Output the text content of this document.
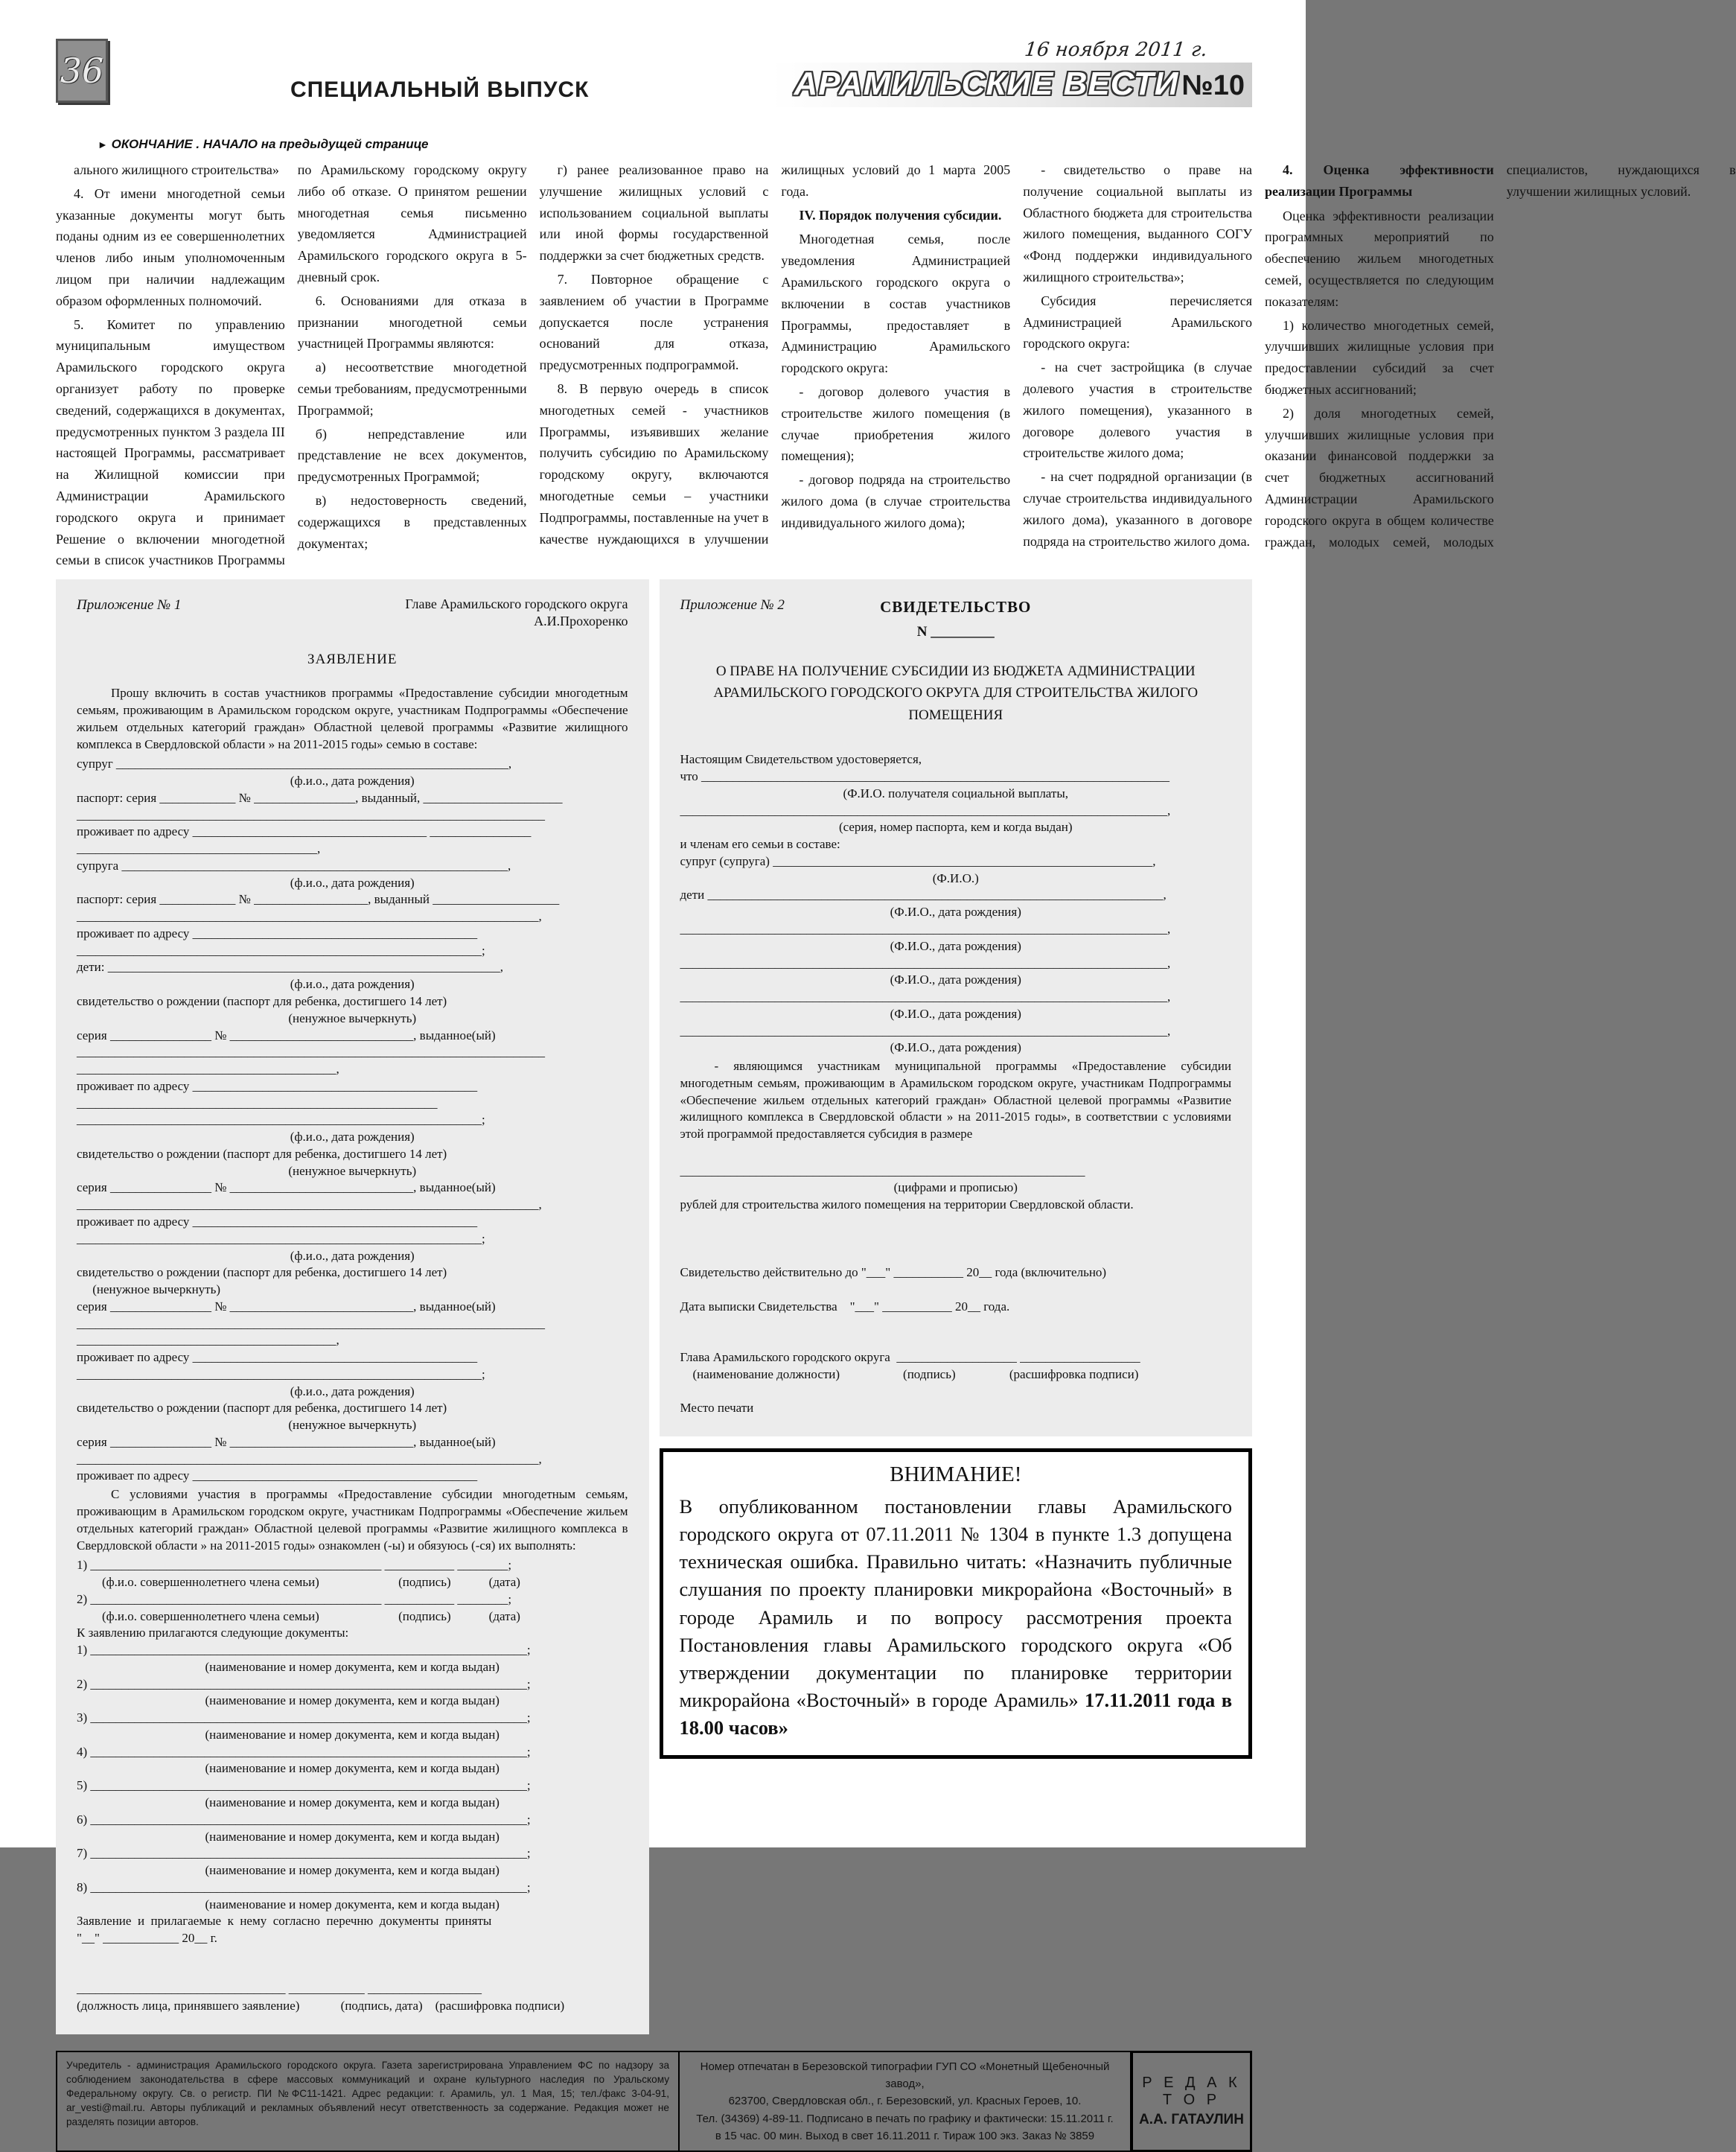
36	СПЕЦИАЛЬНЫЙ ВЫПУСК
16 ноября 2011 г.
АРАМИЛЬСКИЕ ВЕСТИ №10
► ОКОНЧАНИЕ . НАЧАЛО на предыдущей странице
ального жилищного строительства»
4. От имени многодетной семьи указанные документы могут быть поданы одним из ее совершеннолетних членов либо иным уполномоченным лицом при наличии надлежащим образом оформленных полномочий.
5. Комитет по управлению муниципальным имуществом Арамильского городского округа организует работу по проверке сведений, содержащихся в документах, предусмотренных пунктом 3 раздела III настоящей Программы, рассматривает на Жилищной комиссии при Администрации Арамильского городского округа и принимает Решение о включении многодетной семьи в список участников Программы по Арамильскому городскому округу либо об отказе. О принятом решении многодетная семья письменно уведомляется Администрацией Арамильского городского округа в 5-дневный срок.
6. Основаниями для отказа в признании многодетной семьи участницей Программы являются:
а) несоответствие многодетной семьи требованиям, предусмотренными Программой;
б) непредставление или представление не всех документов, предусмотренных Программой;
в) недостоверность сведений, содержащихся в представленных документах;
г) ранее реализованное право на улучшение жилищных условий с использованием социальной выплаты или иной формы государственной поддержки за счет бюджетных средств.
7. Повторное обращение с заявлением об участии в Программе допускается после устранения оснований для отказа, предусмотренных подпрограммой.
8. В первую очередь в список многодетных семей - участников Программы, изъявивших желание получить субсидию по Арамильскому городскому округу, включаются многодетные семьи – участники Подпрограммы, поставленные на учет в качестве нуждающихся в улучшении жилищных условий до 1 марта 2005 года.
IV. Порядок получения субсидии.
Многодетная семья, после уведомления Администрацией Арамильского городского округа о включении в состав участников Программы, предоставляет в Администрацию Арамильского городского округа:
- договор долевого участия в строительстве жилого помещения (в случае приобретения жилого помещения);
- договор подряда на строительство жилого дома (в случае строительства индивидуального жилого дома);
- свидетельство о праве на получение социальной выплаты из Областного бюджета для строительства жилого помещения, выданного СОГУ «Фонд поддержки индивидуального жилищного строительства»;
Субсидия перечисляется Администрацией Арамильского городского округа:
- на счет застройщика (в случае долевого участия в строительстве жилого помещения), указанного в договоре долевого участия в строительстве жилого дома;
- на счет подрядной организации (в случае строительства индивидуального жилого дома), указанного в договоре подряда на строительство жилого дома.
4. Оценка эффективности реализации Программы
Оценка эффективности реализации программных мероприятий по обеспечению жильем многодетных семей, осуществляется по следующим показателям:
1) количество многодетных семей, улучшивших жилищные условия при предоставлении субсидий за счет бюджетных ассигнований;
2) доля многодетных семей, улучшивших жилищные условия при оказании финансовой поддержки за счет бюджетных ассигнований Администрации Арамильского городского округа в общем количестве граждан, молодых семей, молодых специалистов, нуждающихся в улучшении жилищных условий.
Приложение № 1	Главе Арамильского городского округа
А.И.Прохоренко
ЗАЯВЛЕНИЕ
Прошу включить в состав участников программы «Предоставление субсидии многодетным семьям, проживающим в Арамильском городском округе, участникам Подпрограммы «Обеспечение жильем отдельных категорий граждан» Областной целевой программы «Развитие жилищного комплекса в Свердловской области » на 2011-2015 годы» семью в составе:
супруг ______________________________________________________________,
(ф.и.о., дата рождения)
паспорт: серия ____________ № ________________, выданный, ______________________
__________________________________________________________________________
проживает по адресу _____________________________________ ________________
______________________________________,
супруга _____________________________________________________________,
(ф.и.о., дата рождения)
паспорт: серия ____________ № __________________, выданный ____________________
_________________________________________________________________________,
проживает по адресу _____________________________________________
________________________________________________________________;
дети: ______________________________________________________________,
(ф.и.о., дата рождения)
свидетельство о рождении (паспорт для ребенка, достигшего 14 лет)
(ненужное вычеркнуть)
серия ________________ № _____________________________, выданное(ый)
__________________________________________________________________________
_________________________________________,
проживает по адресу _____________________________________________
_________________________________________________________
________________________________________________________________;
(ф.и.о., дата рождения)
свидетельство о рождении (паспорт для ребенка, достигшего 14 лет)
(ненужное вычеркнуть)
серия ________________ № _____________________________, выданное(ый)
_________________________________________________________________________,
проживает по адресу _____________________________________________
________________________________________________________________;
(ф.и.о., дата рождения)
свидетельство о рождении (паспорт для ребенка, достигшего 14 лет)
(ненужное вычеркнуть)
серия ________________ № _____________________________, выданное(ый)
__________________________________________________________________________
_________________________________________,
проживает по адресу _____________________________________________
________________________________________________________________;
(ф.и.о., дата рождения)
свидетельство о рождении (паспорт для ребенка, достигшего 14 лет)
(ненужное вычеркнуть)
серия ________________ № _____________________________, выданное(ый)
_________________________________________________________________________,
проживает по адресу _____________________________________________
С условиями участия в программы «Предоставление субсидии многодетным семьям, проживающим в Арамильском городском округе, участникам Подпрограммы «Обеспечение жильем отдельных категорий граждан» Областной целевой программы «Развитие жилищного комплекса в Свердловской области » на 2011-2015 годы» ознакомлен (-ы) и обязуюсь (-ся) их выполнять:
1) ______________________________________________ ___________ ________;
(ф.и.о. совершеннолетнего члена семьи)                         (подпись)            (дата)
2) ______________________________________________ ___________ ________;
(ф.и.о. совершеннолетнего члена семьи)                         (подпись)            (дата)
К заявлению прилагаются следующие документы:
1) _____________________________________________________________________;
(наименование и номер документа, кем и когда выдан)
2) _____________________________________________________________________;
(наименование и номер документа, кем и когда выдан)
3) _____________________________________________________________________;
(наименование и номер документа, кем и когда выдан)
4) _____________________________________________________________________;
(наименование и номер документа, кем и когда выдан)
5) _____________________________________________________________________;
(наименование и номер документа, кем и когда выдан)
6) _____________________________________________________________________;
(наименование и номер документа, кем и когда выдан)
7) _____________________________________________________________________;
(наименование и номер документа, кем и когда выдан)
8) _____________________________________________________________________;
(наименование и номер документа, кем и когда выдан)
Заявление  и  прилагаемые  к  нему  согласно  перечню  документы  приняты
"__" ____________ 20__ г.
_________________________________ ____________ __________________
(должность лица, принявшего заявление)             (подпись, дата)    (расшифровка подписи)
Приложение № 2	СВИДЕТЕЛЬСТВО
N _________
О ПРАВЕ НА ПОЛУЧЕНИЕ СУБСИДИИ ИЗ БЮДЖЕТА АДМИНИСТРАЦИИ АРАМИЛЬСКОГО ГОРОДСКОГО ОКРУГА ДЛЯ СТРОИТЕЛЬСТВА ЖИЛОГО ПОМЕЩЕНИЯ
Настоящим Свидетельством удостоверяется,
что __________________________________________________________________________
(Ф.И.О. получателя социальной выплаты,
_____________________________________________________________________________,
(серия, номер паспорта, кем и когда выдан)
и членам его семьи в составе:
супруг (супруга) ____________________________________________________________,
(Ф.И.О.)
дети ________________________________________________________________________,
(Ф.И.О., дата рождения)
_____________________________________________________________________________,
(Ф.И.О., дата рождения)
_____________________________________________________________________________,
(Ф.И.О., дата рождения)
_____________________________________________________________________________,
(Ф.И.О., дата рождения)
_____________________________________________________________________________,
(Ф.И.О., дата рождения)
- являющимся участникам муниципальной программы «Предоставление субсидии многодетным семьям, проживающим в Арамильском городском округе, участникам Подпрограммы «Обеспечение жильем отдельных категорий граждан» Областной целевой программы «Развитие жилищного комплекса в Свердловской области » на 2011-2015 годы», в соответствии с условиями этой программой предоставляется субсидия в размере
________________________________________________________________
(цифрами и прописью)
рублей для строительства жилого помещения на территории Свердловской области.
Свидетельство действительно до "___" ___________ 20__ года (включительно)
Дата выписки Свидетельства    "___" ___________ 20__ года.
Глава Арамильского городского округа  ___________________ ___________________
(наименование должности)                    (подпись)                 (расшифровка подписи)
Место печати
ВНИМАНИЕ!

В опубликованном постановлении главы Арамильского городского округа от 07.11.2011 № 1304 в пункте 1.3 допущена техническая ошибка. Правильно читать: «Назначить публичные слушания по проекту планировки микрорайона «Восточный» в городе Арамиль и по вопросу рассмотрения проекта Постановления главы Арамильского городского округа «Об утверждении документации по планировке территории микрорайона «Восточный» в городе Арамиль» 17.11.2011 года в 18.00 часов»

Учредитель - администрация Арамильского городского округа. Газета зарегистрирована Управлением ФС по надзору за соблюдением законодательства в сфере массовых коммуникаций и охране культурного наследия по Уральскому Федеральному округу. Св. о регистр. ПИ №ФС11-1421. Адрес редакции: г. Арамиль, ул. 1 Мая, 15; тел./факс 3-04-91, ar_vesti@mail.ru. Авторы публикаций и рекламных объявлений несут ответственность за содержание. Редакция может не разделять позиции авторов.
Номер отпечатан в Березовской типографии ГУП СО «Монетный Щебеночный завод»,
623700, Свердловская обл., г. Березовский, ул. Красных Героев, 10.
Тел. (34369) 4-89-11. Подписано в печать по графику и фактически: 15.11.2011 г.
в 15 час. 00 мин. Выход в свет 16.11.2011 г. Тираж 100 экз. Заказ № 3859
Р Е Д А К Т О Р
А.А. ГАТАУЛИН
